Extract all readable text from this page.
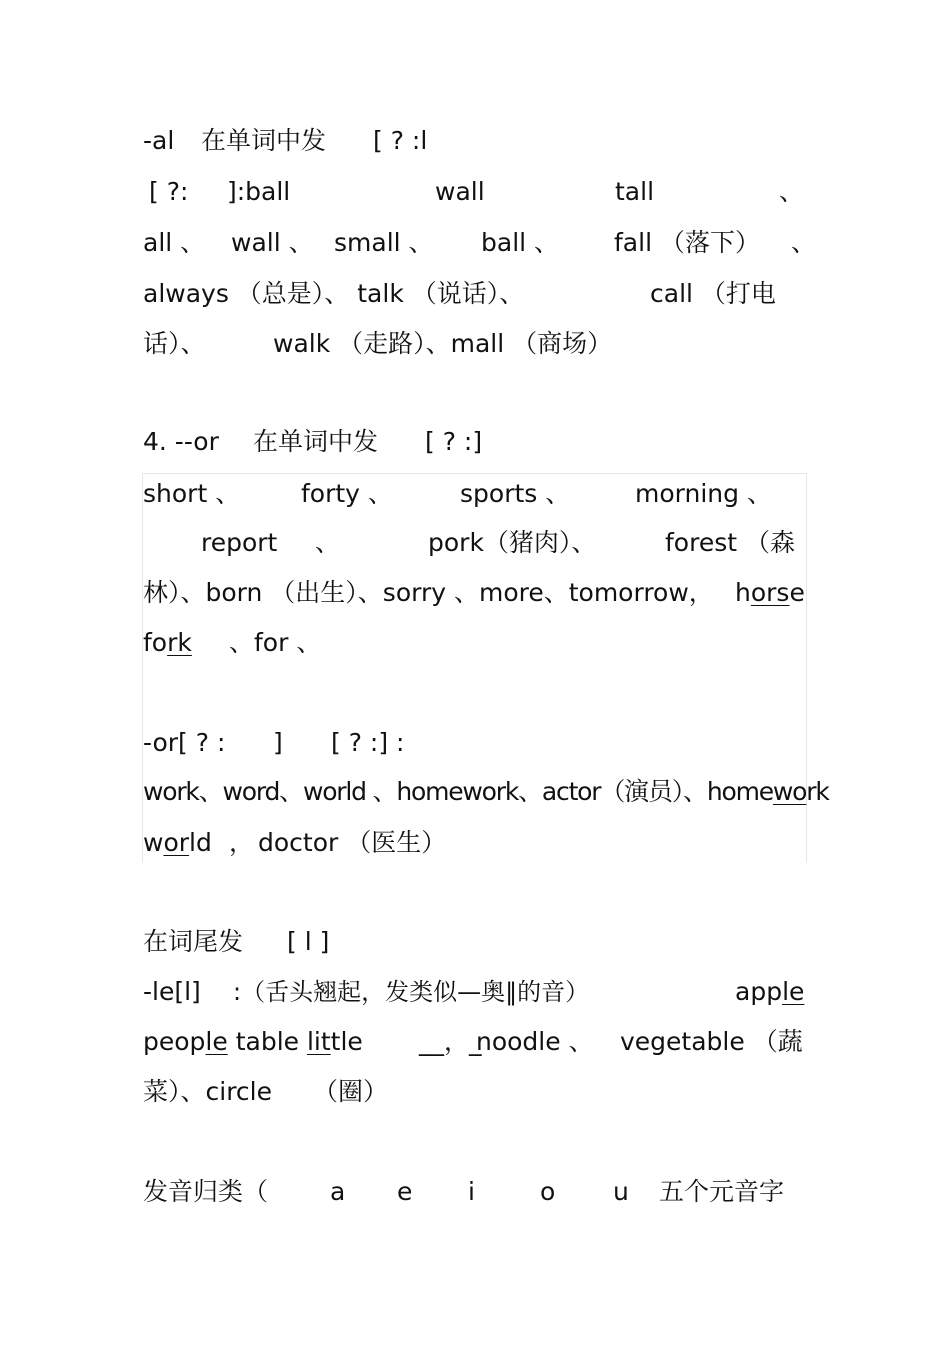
-al 在单词中发 [ ? :l
[ ?: ]:ball	wall	tall	、
all 、 wall 、 small 、 ball 、 fall （落下） 、
always （总是）、 talk （说话）、	call （打电
话）、	walk （走路）、mall （商场）
4. --or 在单词中发 [ ? :]
short 、 forty 、	sports 、	morning 、
report 、	pork（猪肉）、	forest （森
林）、born （出生）、sorry 、more、tomorrow， horse
fork 、for 、
-or[ ? : ] [ ? :] :
work、word、world 、homework、actor（演员）、homework
world ， doctor （医生）
在词尾发 [ l ]
-le[l] :（舌头翘起，发类似—奥‖的音）	apple
people table little __，_
noodle 、 vegetable （蔬
菜）、circle （圈）
发音归类（ a e i	o u 五个元音字
